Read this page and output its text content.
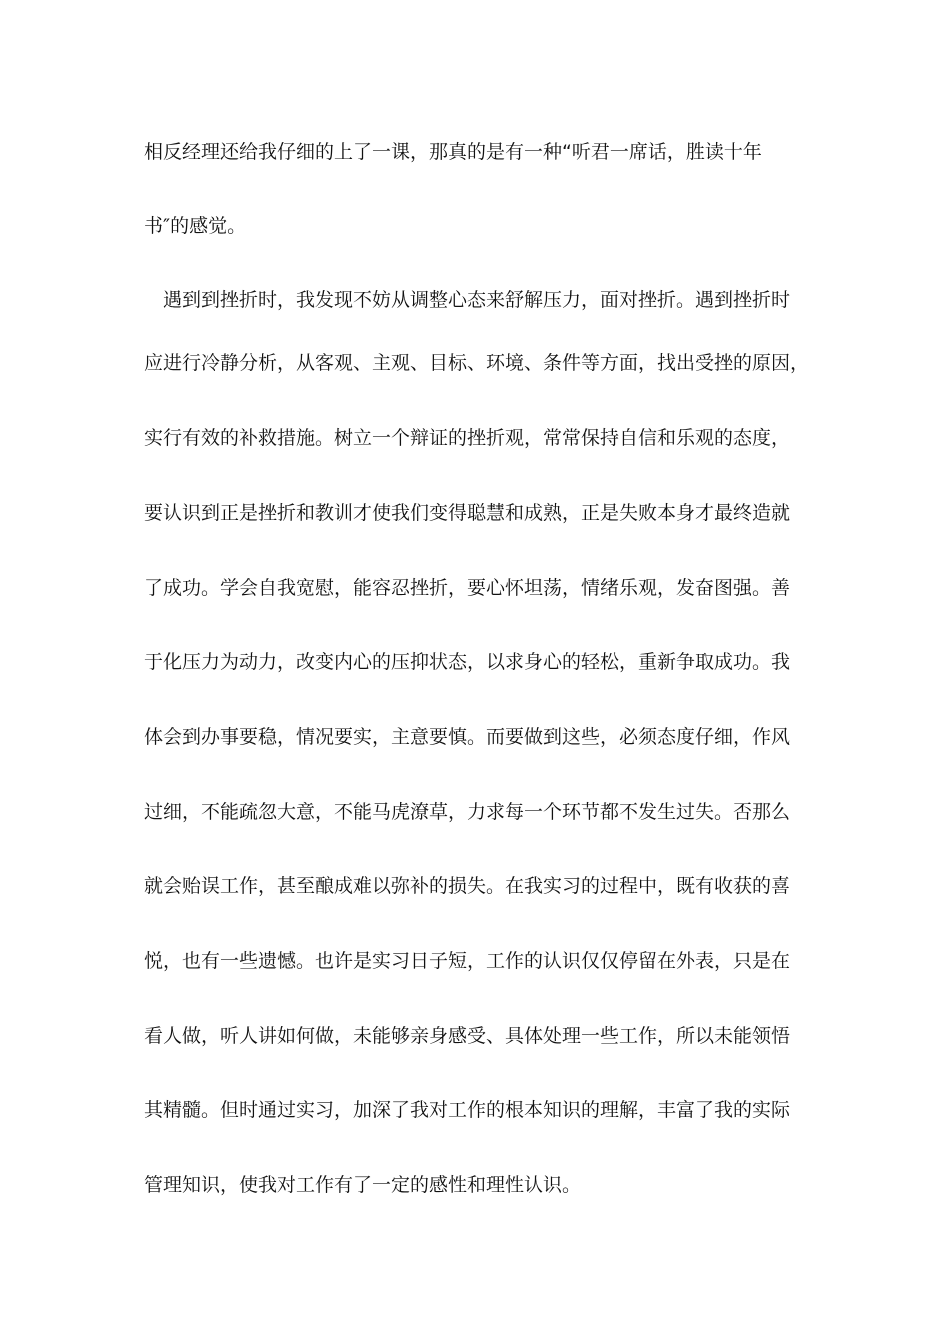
相反经理还给我仔细的上了一课，那真的是有一种“听君一席话，胜读十年
书″的感觉。
　遇到到挫折时，我发现不妨从调整心态来舒解压力，面对挫折。遇到挫折时
应进行冷静分析，从客观、主观、目标、环境、条件等方面，找出受挫的原因，
实行有效的补救措施。树立一个辩证的挫折观，常常保持自信和乐观的态度，
要认识到正是挫折和教训才使我们变得聪慧和成熟，正是失败本身才最终造就
了成功。学会自我宽慰，能容忍挫折，要心怀坦荡，情绪乐观，发奋图强。善
于化压力为动力，改变内心的压抑状态，以求身心的轻松，重新争取成功。我
体会到办事要稳，情况要实，主意要慎。而要做到这些，必须态度仔细，作风
过细，不能疏忽大意，不能马虎潦草，力求每一个环节都不发生过失。否那么
就会贻误工作，甚至酿成难以弥补的损失。在我实习的过程中，既有收获的喜
悦，也有一些遗憾。也许是实习日子短，工作的认识仅仅停留在外表，只是在
看人做，听人讲如何做，未能够亲身感受、具体处理一些工作，所以未能领悟
其精髓。但时通过实习，加深了我对工作的根本知识的理解，丰富了我的实际
管理知识，使我对工作有了一定的感性和理性认识。
